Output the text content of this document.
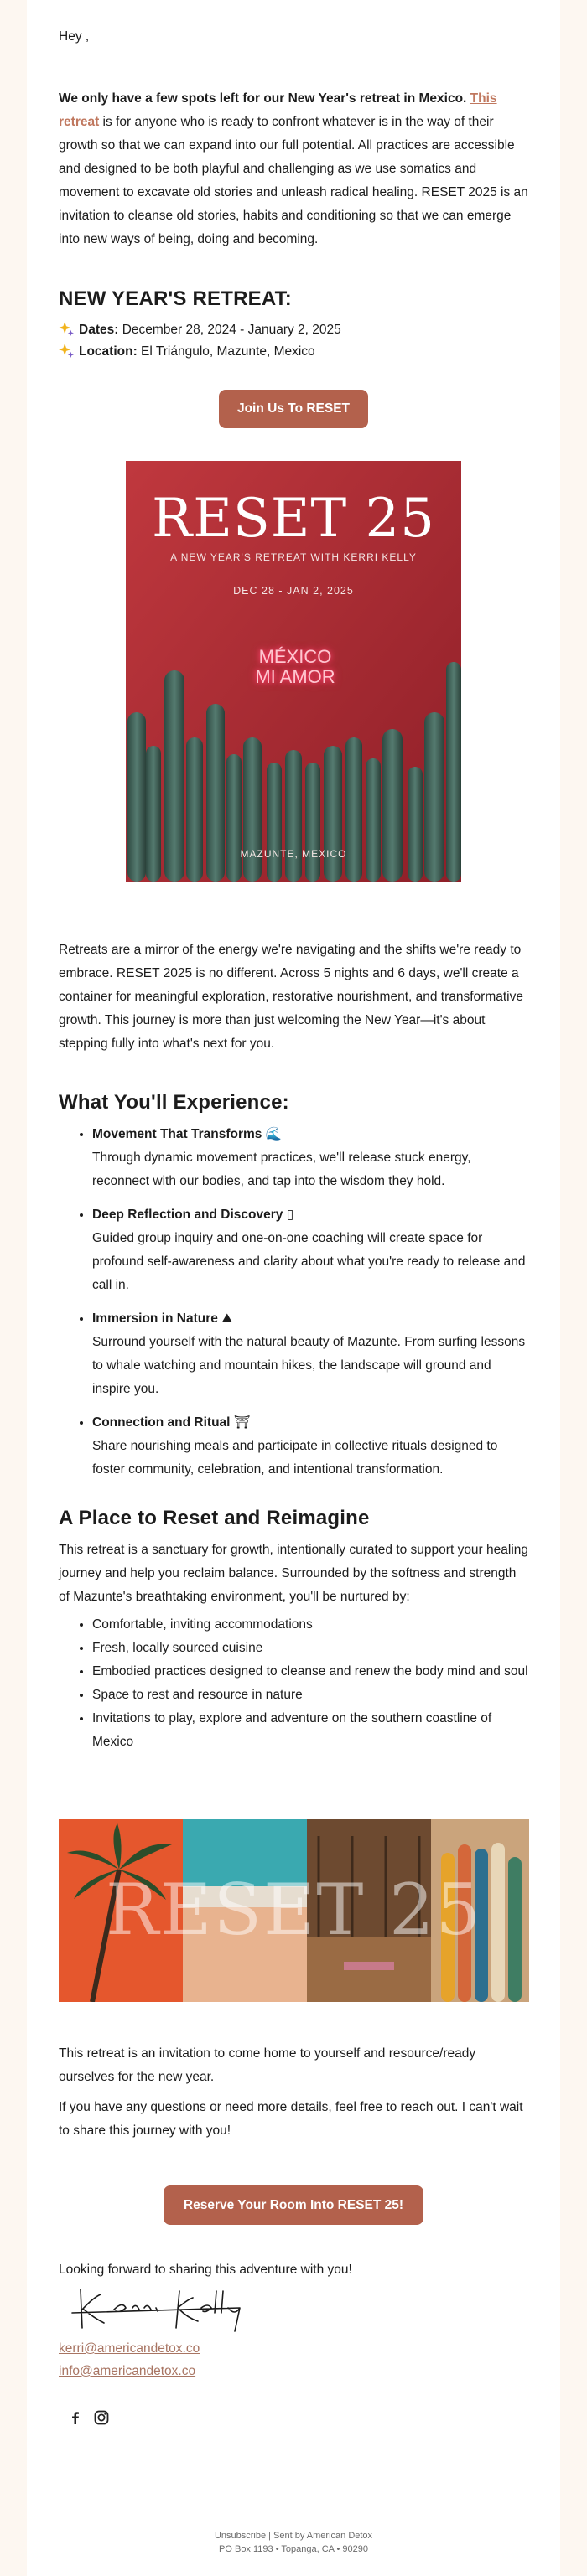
Hey ,

We only have a few spots left for our New Year's retreat in Mexico. This retreat is for anyone who is ready to confront whatever is in the way of their growth so that we can expand into our full potential. All practices are accessible and designed to be both playful and challenging as we use somatics and movement to excavate old stories and unleash radical healing. RESET 2025 is an invitation to cleanse old stories, habits and conditioning so that we can emerge into new ways of being, doing and becoming.

NEW YEAR'S RETREAT:

Dates: December 28, 2024 - January 2, 2025

Location: El Triángulo, Mazunte, Mexico

Join Us To RESET
RESET 25
A NEW YEAR'S RETREAT WITH KERRI KELLY
DEC 28 - JAN 2, 2025
MÉXICO
MI AMOR
MAZUNTE, MEXICO

Retreats are a mirror of the energy we're navigating and the shifts we're ready to embrace. RESET 2025 is no different. Across 5 nights and 6 days, we'll create a container for meaningful exploration, restorative nourishment, and transformative growth. This journey is more than just welcoming the New Year—it's about stepping fully into what's next for you.

What You'll Experience:
• Movement That Transforms 🌊
Through dynamic movement practices, we'll release stuck energy, reconnect with our bodies, and tap into the wisdom they hold.
• Deep Reflection and Discovery ▯
Guided group inquiry and one-on-one coaching will create space for profound self-awareness and clarity about what you're ready to release and call in.
• Immersion in Nature ⛰
Surround yourself with the natural beauty of Mazunte. From surfing lessons to whale watching and mountain hikes, the landscape will ground and inspire you.
• Connection and Ritual ⛩
Share nourishing meals and participate in collective rituals designed to foster community, celebration, and intentional transformation.
A Place to Reset and Reimagine

This retreat is a sanctuary for growth, intentionally curated to support your healing journey and help you reclaim balance. Surrounded by the softness and strength of Mazunte's breathtaking environment, you'll be nurtured by:

• Comfortable, inviting accommodations
• Fresh, locally sourced cuisine
• Embodied practices designed to cleanse and renew the body mind and soul
• Space to rest and resource in nature
• Invitations to play, explore and adventure on the southern coastline of Mexico
RESET 25

This retreat is an invitation to come home to yourself and resource/ready ourselves for the new year.

If you have any questions or need more details, feel free to reach out. I can't wait to share this journey with you!

Reserve Your Room Into RESET 25!

Looking forward to sharing this adventure with you!

kerri@americandetox.co
info@americandetox.co
Unsubscribe | Sent by American Detox
PO Box 1193 • Topanga, CA • 90290
